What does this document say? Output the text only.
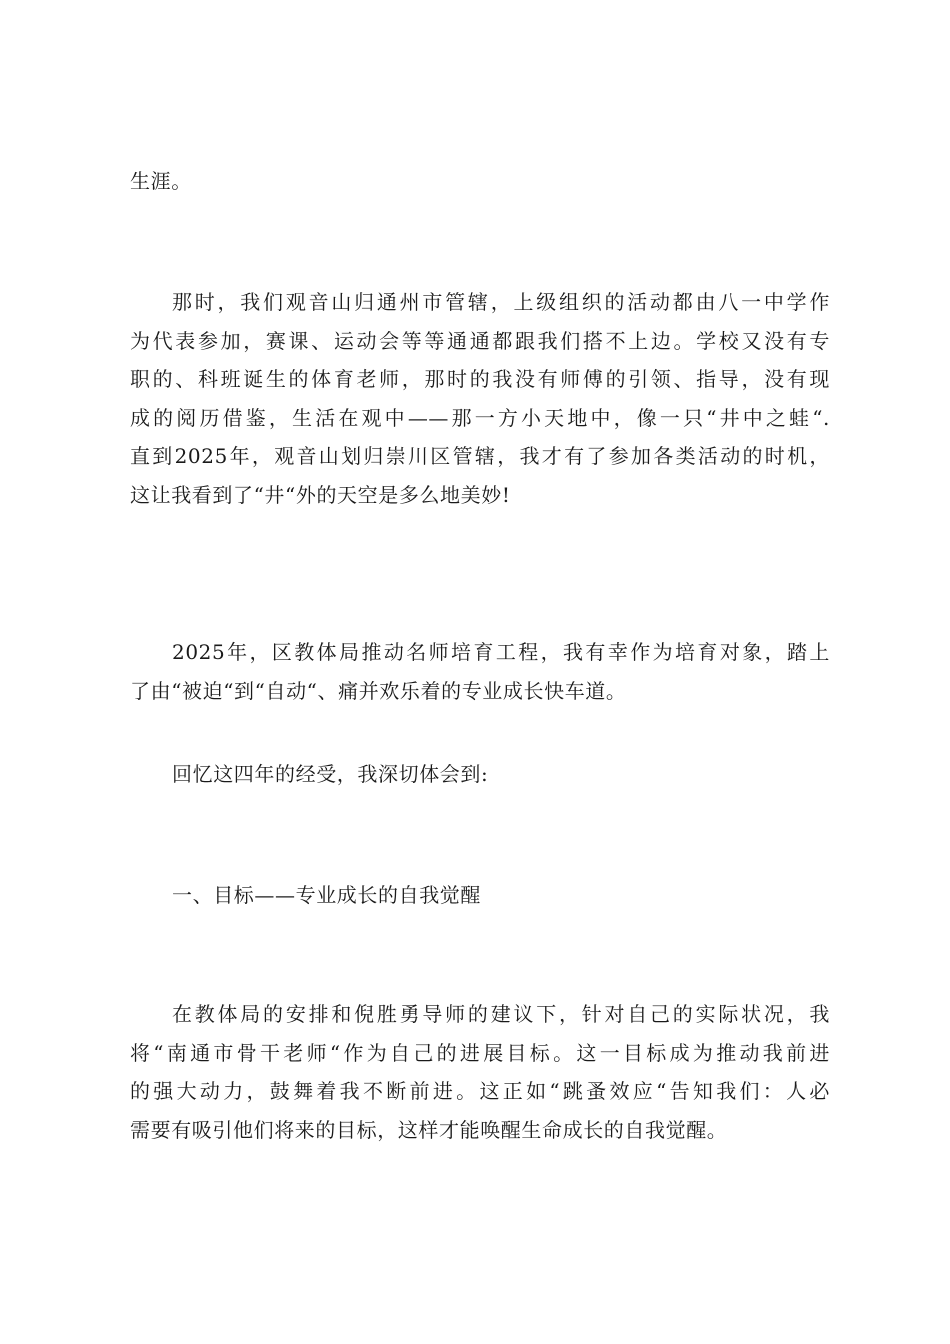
生涯。

那时，我们观音山归通州市管辖，上级组织的活动都由八一中学作
为代表参加，赛课、运动会等等通通都跟我们搭不上边。学校又没有专
职的、科班诞生的体育老师，那时的我没有师傅的引领、指导，没有现
成的阅历借鉴，生活在观中——那一方小天地中，像一只“井中之蛙“.
直到2025年，观音山划归崇川区管辖，我才有了参加各类活动的时机，
这让我看到了“井“外的天空是多么地美妙!

2025年，区教体局推动名师培育工程，我有幸作为培育对象，踏上
了由“被迫“到“自动“、痛并欢乐着的专业成长快车道。

回忆这四年的经受，我深切体会到:

一、目标——专业成长的自我觉醒

在教体局的安排和倪胜勇导师的建议下，针对自己的实际状况，我
将“南通市骨干老师“作为自己的进展目标。这一目标成为推动我前进
的强大动力，鼓舞着我不断前进。这正如“跳蚤效应“告知我们：人必
需要有吸引他们将来的目标，这样才能唤醒生命成长的自我觉醒。
